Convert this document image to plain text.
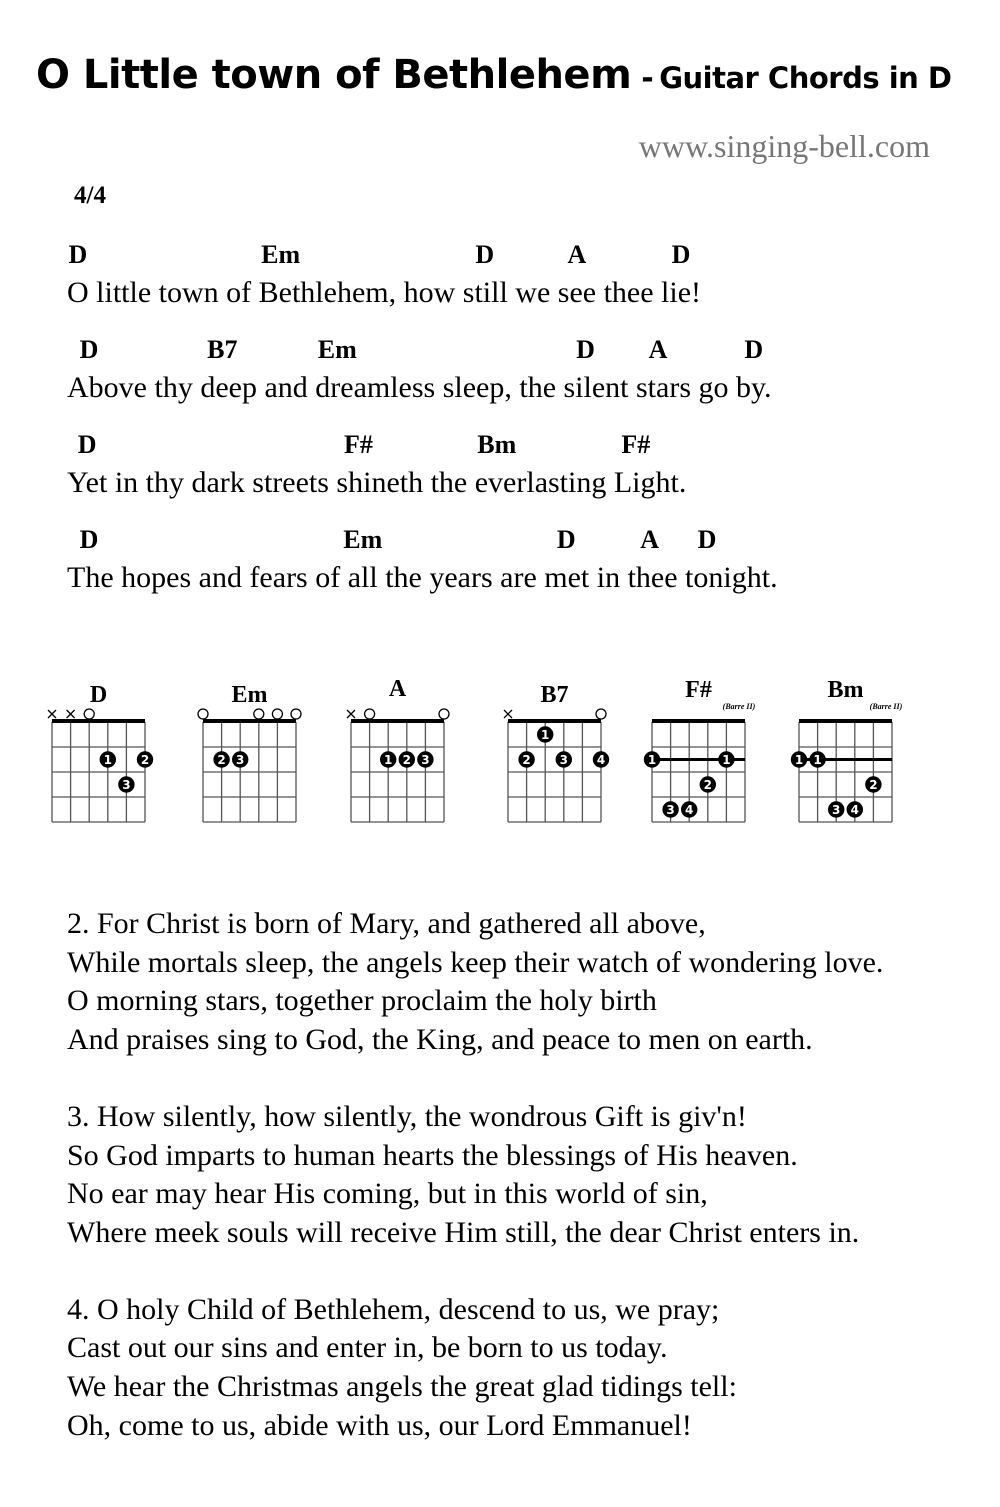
O Little town of Bethlehem - Guitar Chords in D
www.singing-bell.com
4/4
O little town of Bethlehem, how still we see thee lie!
D	Em	D	A	D
Above thy deep and dreamless sleep, the silent stars go by.
D	B7	Em	D A	D
Yet in thy dark streets shineth the everlasting Light.
D	F#	Bm	F#
The hopes and fears of all the years are met in thee tonight.
D	Em	D A D
D
1 2
3
Em
2 3
A
1 2 3
B7
1
2 3 4
F#
(Barre II)
1	1
2
3 4
Bm
(Barre II)
1 1
2
3 4
2. For Christ is born of Mary, and gathered all above,
While mortals sleep, the angels keep their watch of wondering love.
O morning stars, together proclaim the holy birth
And praises sing to God, the King, and peace to men on earth.
3. How silently, how silently, the wondrous Gift is giv'n!
So God imparts to human hearts the blessings of His heaven.
No ear may hear His coming, but in this world of sin,
Where meek souls will receive Him still, the dear Christ enters in.
4. O holy Child of Bethlehem, descend to us, we pray;
Cast out our sins and enter in, be born to us today.
We hear the Christmas angels the great glad tidings tell:
Oh, come to us, abide with us, our Lord Emmanuel!
